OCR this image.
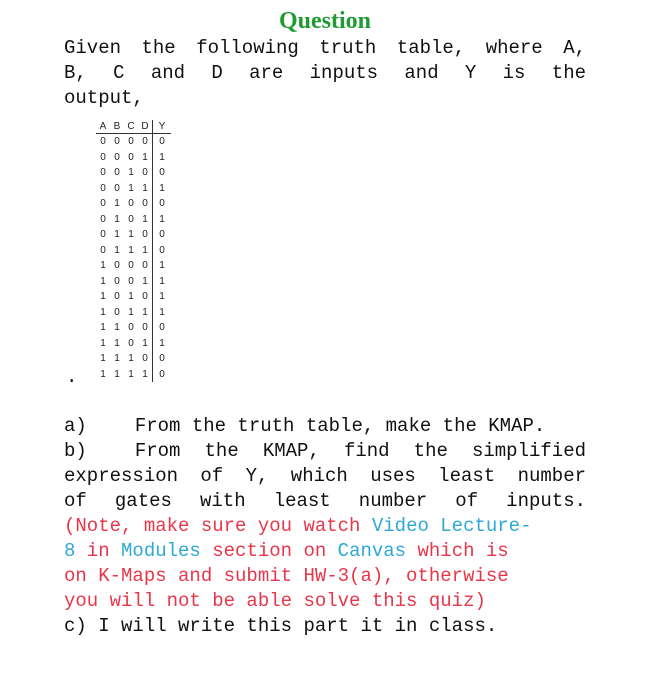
Question
Given the following truth table, where A,
B, C and D are inputs and Y is the
output,
A	B	C	D	Y
0	0	0	0	0
0	0	0	1	1
0	0	1	0	0
0	0	1	1	1
0	1	0	0	0
0	1	0	1	1
0	1	1	0	0
0	1	1	1	0
1	0	0	0	1
1	0	0	1	1
1	0	1	0	1
1	0	1	1	1
1	1	0	0	0
1	1	0	1	1
1	1	1	0	0
1	1	1	1	0
.
a)	From the truth table, make the KMAP.
b)	From the KMAP, find the simplified
expression of Y, which uses least number
of gates with least number of inputs.
(Note, make sure you watch Video Lecture-
8 in Modules section on Canvas which is
on K-Maps and submit HW-3(a), otherwise
you will not be able solve this quiz)
c) I will write this part it in class.
